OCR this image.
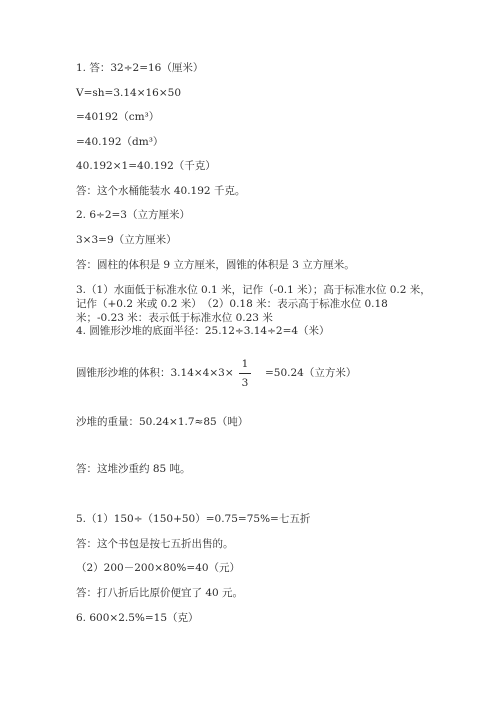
1. 答：32÷2=16（厘米）
V=sh=3.14×16×50
=40192（cm³）
=40.192（dm³）
40.192×1=40.192（千克）
答：这个水桶能装水 40.192 千克。
2. 6÷2=3（立方厘米）
3×3=9（立方厘米）
答：圆柱的体积是 9 立方厘米，圆锥的体积是 3 立方厘米。
3.（1）水面低于标准水位 0.1 米，记作（-0.1 米）；高于标准水位 0.2 米，记作（+0.2 米或 0.2 米）　（2）0.18 米：表示高于标准水位 0.18 米；-0.23 米：表示低于标准水位 0.23 米
4. 圆锥形沙堆的底面半径：25.12÷3.14÷2=4（米）
圆锥形沙堆的体积：3.14×4×3×
1
3
=50.24（立方米）
沙堆的重量：50.24×1.7≈85（吨）
答：这堆沙重约 85 吨。
5.（1）150÷（150+50）=0.75=75%=七五折
答：这个书包是按七五折出售的。
（2）200－200×80%=40（元）
答：打八折后比原价便宜了 40 元。
6. 600×2.5%=15（克）
